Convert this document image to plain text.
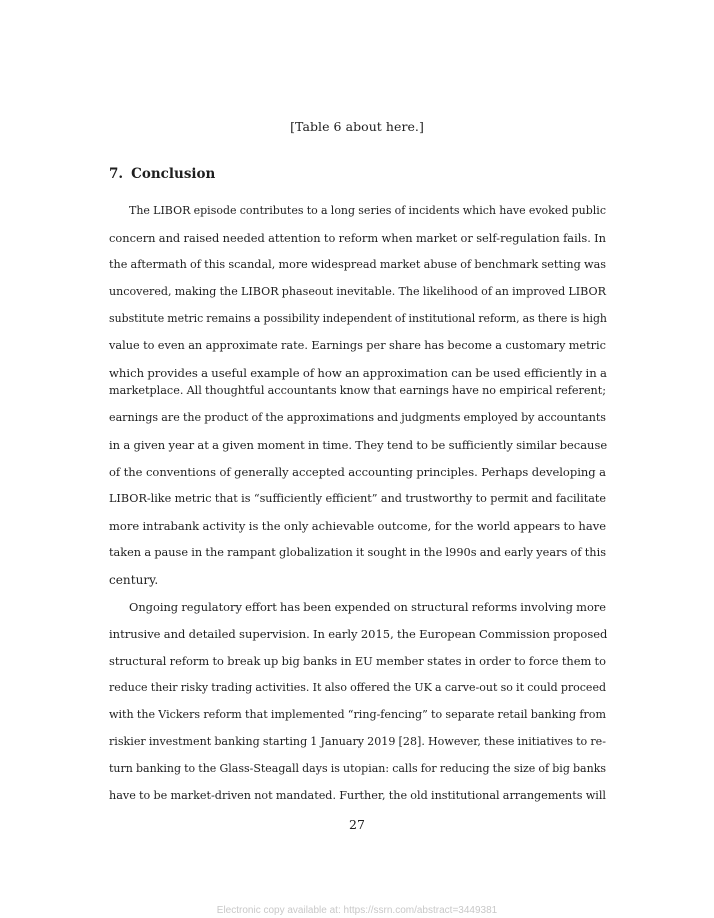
[Table 6 about here.]
7. Conclusion
The LIBOR episode contributes to a long series of incidents which have evoked public
concern and raised needed attention to reform when market or self-regulation fails. In
the aftermath of this scandal, more widespread market abuse of benchmark setting was
uncovered, making the LIBOR phaseout inevitable. The likelihood of an improved LIBOR
substitute metric remains a possibility independent of institutional reform, as there is high
value to even an approximate rate. Earnings per share has become a customary metric
which provides a useful example of how an approximation can be used efficiently in a
marketplace. All thoughtful accountants know that earnings have no empirical referent;
earnings are the product of the approximations and judgments employed by accountants
in a given year at a given moment in time. They tend to be sufficiently similar because
of the conventions of generally accepted accounting principles. Perhaps developing a
LIBOR-like metric that is “sufficiently efficient” and trustworthy to permit and facilitate
more intrabank activity is the only achievable outcome, for the world appears to have
taken a pause in the rampant globalization it sought in the l990s and early years of this
century.
Ongoing regulatory effort has been expended on structural reforms involving more
intrusive and detailed supervision. In early 2015, the European Commission proposed
structural reform to break up big banks in EU member states in order to force them to
reduce their risky trading activities. It also offered the UK a carve-out so it could proceed
with the Vickers reform that implemented “ring-fencing” to separate retail banking from
riskier investment banking starting 1 January 2019 [28]. However, these initiatives to re-
turn banking to the Glass-Steagall days is utopian: calls for reducing the size of big banks
have to be market-driven not mandated. Further, the old institutional arrangements will
27
Electronic copy available at: https://ssrn.com/abstract=3449381
